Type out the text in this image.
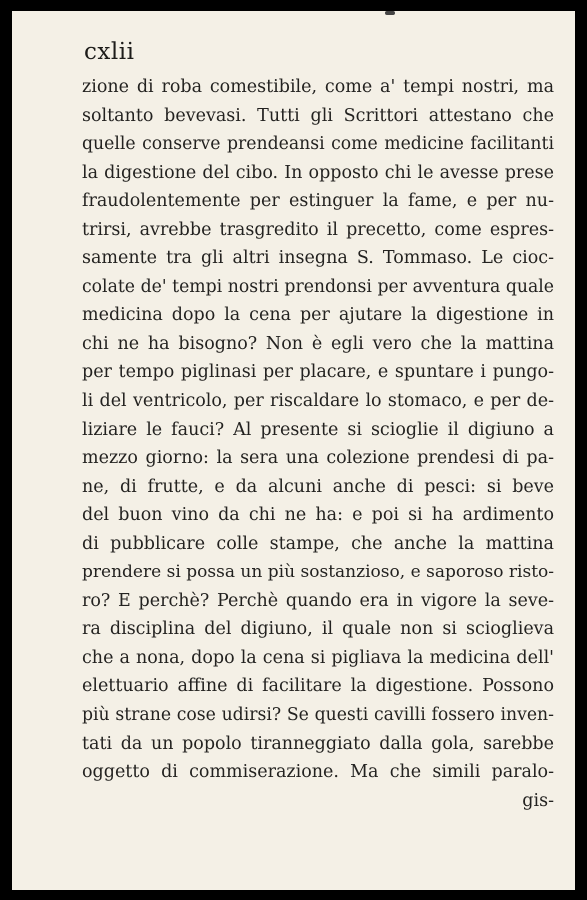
cxlii
zione di roba comestibile, come a' tempi nostri, ma
soltanto bevevasi. Tutti gli Scrittori attestano che
quelle conserve prendeansi come medicine facilitanti
la digestione del cibo. In opposto chi le avesse prese
fraudolentemente per estinguer la fame, e per nu-
trirsi, avrebbe trasgredito il precetto, come espres-
samente tra gli altri insegna S. Tommaso. Le cioc-
colate de' tempi nostri prendonsi per avventura quale
medicina dopo la cena per ajutare la digestione in
chi ne ha bisogno? Non è egli vero che la mattina
per tempo piglinasi per placare, e spuntare i pungo-
li del ventricolo, per riscaldare lo stomaco, e per de-
liziare le fauci? Al presente si scioglie il digiuno a
mezzo giorno: la sera una colezione prendesi di pa-
ne, di frutte, e da alcuni anche di pesci: si beve
del buon vino da chi ne ha: e poi si ha ardimento
di pubblicare colle stampe, che anche la mattina
prendere si possa un più sostanzioso, e saporoso risto-
ro? E perchè? Perchè quando era in vigore la seve-
ra disciplina del digiuno, il quale non si scioglieva
che a nona, dopo la cena si pigliava la medicina dell'
elettuario affine di facilitare la digestione. Possono
più strane cose udirsi? Se questi cavilli fossero inven-
tati da un popolo tiranneggiato dalla gola, sarebbe
oggetto di commiserazione. Ma che simili paralo-
gis-
